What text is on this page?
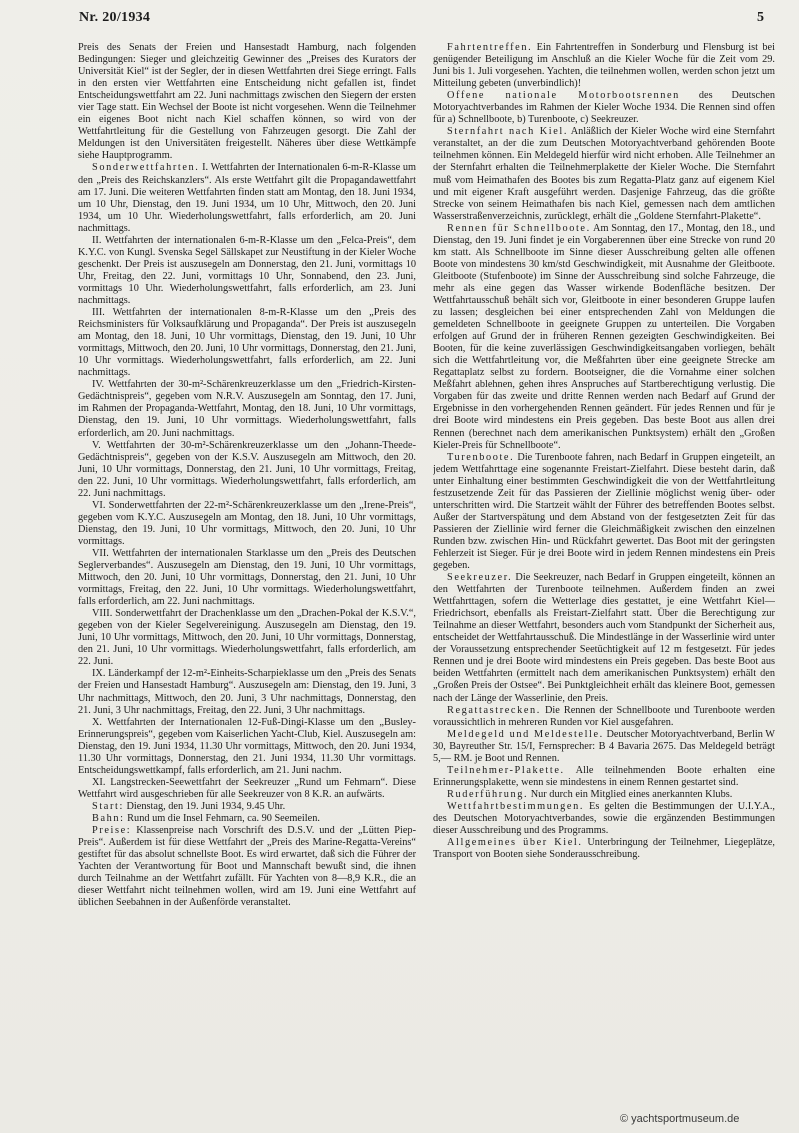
Nr. 20/1934	5

Preis des Senats der Freien und Hansestadt Hamburg, nach folgenden Bedingungen: Sieger und gleichzeitig Gewinner des „Preises des Kurators der Universität Kiel“ ist der Segler, der in diesen Wettfahrten drei Siege erringt. Falls in den ersten vier Wettfahrten eine Entscheidung nicht gefallen ist, findet Entscheidungswettfahrt am 22. Juni nachmittags zwischen den Siegern der ersten vier Tage statt. Ein Wechsel der Boote ist nicht vorgesehen. Wenn die Teilnehmer ein eigenes Boot nicht nach Kiel schaffen können, so wird von der Wettfahrtleitung für die Gestellung von Fahrzeugen gesorgt. Die Zahl der Meldungen ist den Universitäten freigestellt. Näheres über diese Wettkämpfe siehe Hauptprogramm.

Sonderwettfahrten. I. Wettfahrten der Internationalen 6-m-R-Klasse um den „Preis des Reichskanzlers“. Als erste Wettfahrt gilt die Propagandawettfahrt am 17. Juni. Die weiteren Wettfahrten finden statt am Montag, den 18. Juni 1934, um 10 Uhr, Dienstag, den 19. Juni 1934, um 10 Uhr, Mittwoch, den 20. Juni 1934, um 10 Uhr. Wiederholungswettfahrt, falls erforderlich, am 20. Juni nachmittags.

II. Wettfahrten der internationalen 6-m-R-Klasse um den „Felca-Preis“, dem K.Y.C. von Kungl. Svenska Segel Sällskapet zur Neustiftung in der Kieler Woche geschenkt. Der Preis ist auszusegeln am Donnerstag, den 21. Juni, vormittags 10 Uhr, Freitag, den 22. Juni, vormittags 10 Uhr, Sonnabend, den 23. Juni, vormittags 10 Uhr. Wiederholungswettfahrt, falls erforderlich, am 23. Juni nachmittags.

III. Wettfahrten der internationalen 8-m-R-Klasse um den „Preis des Reichsministers für Volksaufklärung und Propaganda“. Der Preis ist auszusegeln am Montag, den 18. Juni, 10 Uhr vormittags, Dienstag, den 19. Juni, 10 Uhr vormittags, Mittwoch, den 20. Juni, 10 Uhr vormittags, Donnerstag, den 21. Juni, 10 Uhr vormittags. Wiederholungswettfahrt, falls erforderlich, am 22. Juni nachmittags.

IV. Wettfahrten der 30-m²-Schärenkreuzerklasse um den „Friedrich-Kirsten-Gedächtnispreis“, gegeben vom N.R.V. Auszusegeln am Sonntag, den 17. Juni, im Rahmen der Propaganda-Wettfahrt, Montag, den 18. Juni, 10 Uhr vormittags, Dienstag, den 19. Juni, 10 Uhr vormittags. Wiederholungswettfahrt, falls erforderlich, am 20. Juni nachmittags.

V. Wettfahrten der 30-m²-Schärenkreuzerklasse um den „Johann-Theede-Gedächtnispreis“, gegeben von der K.S.V. Auszusegeln am Mittwoch, den 20. Juni, 10 Uhr vormittags, Donnerstag, den 21. Juni, 10 Uhr vormittags, Freitag, den 22. Juni, 10 Uhr vormittags. Wiederholungswettfahrt, falls erforderlich, am 22. Juni nachmittags.

VI. Sonderwettfahrten der 22-m²-Schärenkreuzerklasse um den „Irene-Preis“, gegeben vom K.Y.C. Auszusegeln am Montag, den 18. Juni, 10 Uhr vormittags, Dienstag, den 19. Juni, 10 Uhr vormittags, Mittwoch, den 20. Juni, 10 Uhr vormittags.

VII. Wettfahrten der internationalen Starklasse um den „Preis des Deutschen Seglerverbandes“. Auszusegeln am Dienstag, den 19. Juni, 10 Uhr vormittags, Mittwoch, den 20. Juni, 10 Uhr vormittags, Donnerstag, den 21. Juni, 10 Uhr vormittags, Freitag, den 22. Juni, 10 Uhr vormittags. Wiederholungswettfahrt, falls erforderlich, am 22. Juni nachmittags.

VIII. Sonderwettfahrt der Drachenklasse um den „Drachen-Pokal der K.S.V.“, gegeben von der Kieler Segelvereinigung. Auszusegeln am Dienstag, den 19. Juni, 10 Uhr vormittags, Mittwoch, den 20. Juni, 10 Uhr vormittags, Donnerstag, den 21. Juni, 10 Uhr vormittags. Wiederholungswettfahrt, falls erforderlich, am 22. Juni.

IX. Länderkampf der 12-m²-Einheits-Scharpieklasse um den „Preis des Senats der Freien und Hansestadt Hamburg“. Auszusegeln am: Dienstag, den 19. Juni, 3 Uhr nachmittags, Mittwoch, den 20. Juni, 3 Uhr nachmittags, Donnerstag, den 21. Juni, 3 Uhr nachmittags, Freitag, den 22. Juni, 3 Uhr nachmittags.

X. Wettfahrten der Internationalen 12-Fuß-Dingi-Klasse um den „Busley-Erinnerungspreis“, gegeben vom Kaiserlichen Yacht-Club, Kiel. Auszusegeln am: Dienstag, den 19. Juni 1934, 11.30 Uhr vormittags, Mittwoch, den 20. Juni 1934, 11.30 Uhr vormittags, Donnerstag, den 21. Juni 1934, 11.30 Uhr vormittags. Entscheidungswettkampf, falls erforderlich, am 21. Juni nachm.

XI. Langstrecken-Seewettfahrt der Seekreuzer „Rund um Fehmarn“. Diese Wettfahrt wird ausgeschrieben für alle Seekreuzer von 8 K.R. an aufwärts.

Start: Dienstag, den 19. Juni 1934, 9.45 Uhr.

Bahn: Rund um die Insel Fehmarn, ca. 90 Seemeilen.

Preise: Klassenpreise nach Vorschrift des D.S.V. und der „Lütten Piep-Preis“. Außerdem ist für diese Wettfahrt der „Preis des Marine-Regatta-Vereins“ gestiftet für das absolut schnellste Boot. Es wird erwartet, daß sich die Führer der Yachten der Verantwortung für Boot und Mannschaft bewußt sind, die ihnen durch Teilnahme an der Wettfahrt zufällt. Für Yachten von 8—8,9 K.R., die an dieser Wettfahrt nicht teilnehmen wollen, wird am 19. Juni eine Wettfahrt auf üblichen Seebahnen in der Außenförde veranstaltet.

Fahrtentreffen. Ein Fahrtentreffen in Sonderburg und Flensburg ist bei genügender Beteiligung im Anschluß an die Kieler Woche für die Zeit vom 29. Juni bis 1. Juli vorgesehen. Yachten, die teilnehmen wollen, werden schon jetzt um Mitteilung gebeten (unverbindlich)!

Offene nationale Motorbootsrennen des Deutschen Motoryachtverbandes im Rahmen der Kieler Woche 1934. Die Rennen sind offen für a) Schnellboote, b) Turenboote, c) Seekreuzer.

Sternfahrt nach Kiel. Anläßlich der Kieler Woche wird eine Sternfahrt veranstaltet, an der die zum Deutschen Motoryachtverband gehörenden Boote teilnehmen können. Ein Meldegeld hierfür wird nicht erhoben. Alle Teilnehmer an der Sternfahrt erhalten die Teilnehmerplakette der Kieler Woche. Die Sternfahrt muß vom Heimathafen des Bootes bis zum Regatta-Platz ganz auf eigenem Kiel und mit eigener Kraft ausgeführt werden. Dasjenige Fahrzeug, das die größte Strecke von seinem Heimathafen bis nach Kiel, gemessen nach dem amtlichen Wasserstraßenverzeichnis, zurücklegt, erhält die „Goldene Sternfahrt-Plakette“.

Rennen für Schnellboote. Am Sonntag, den 17., Montag, den 18., und Dienstag, den 19. Juni findet je ein Vorgaberennen über eine Strecke von rund 20 km statt. Als Schnellboote im Sinne dieser Ausschreibung gelten alle offenen Boote von mindestens 30 km/std Geschwindigkeit, mit Ausnahme der Gleitboote. Gleitboote (Stufenboote) im Sinne der Ausschreibung sind solche Fahrzeuge, die mehr als eine gegen das Wasser wirkende Bodenfläche besitzen. Der Wettfahrtausschuß behält sich vor, Gleitboote in einer besonderen Gruppe laufen zu lassen; desgleichen bei einer entsprechenden Zahl von Meldungen die gemeldeten Schnellboote in geeignete Gruppen zu unterteilen. Die Vorgaben erfolgen auf Grund der in früheren Rennen gezeigten Geschwindigkeiten. Bei Booten, für die keine zuverlässigen Geschwindigkeitsangaben vorliegen, behält sich die Wettfahrtleitung vor, die Meßfahrten über eine geeignete Strecke am Regattaplatz selbst zu fordern. Bootseigner, die die Vornahme einer solchen Meßfahrt ablehnen, gehen ihres Anspruches auf Startberechtigung verlustig. Die Vorgaben für das zweite und dritte Rennen werden nach Bedarf auf Grund der Ergebnisse in den vorhergehenden Rennen geändert. Für jedes Rennen und für je drei Boote wird mindestens ein Preis gegeben. Das beste Boot aus allen drei Rennen (berechnet nach dem amerikanischen Punktsystem) erhält den „Großen Kieler-Preis für Schnellboote“.

Turenboote. Die Turenboote fahren, nach Bedarf in Gruppen eingeteilt, an jedem Wettfahrttage eine sogenannte Freistart-Zielfahrt. Diese besteht darin, daß unter Einhaltung einer bestimmten Geschwindigkeit die von der Wettfahrtleitung festzusetzende Zeit für das Passieren der Ziellinie möglichst wenig über- oder unterschritten wird. Die Startzeit wählt der Führer des betreffenden Bootes selbst. Außer der Startverspätung und dem Abstand von der festgesetzten Zeit für das Passieren der Ziellinie wird ferner die Gleichmäßigkeit zwischen den einzelnen Runden bzw. zwischen Hin- und Rückfahrt gewertet. Das Boot mit der geringsten Fehlerzeit ist Sieger. Für je drei Boote wird in jedem Rennen mindestens ein Preis gegeben.

Seekreuzer. Die Seekreuzer, nach Bedarf in Gruppen eingeteilt, können an den Wettfahrten der Turenboote teilnehmen. Außerdem finden an zwei Wettfahrttagen, sofern die Wetterlage dies gestattet, je eine Wettfahrt Kiel—Friedrichsort, ebenfalls als Freistart-Zielfahrt statt. Über die Berechtigung zur Teilnahme an dieser Wettfahrt, besonders auch vom Standpunkt der Sicherheit aus, entscheidet der Wettfahrtausschuß. Die Mindestlänge in der Wasserlinie wird unter der Voraussetzung entsprechender Seetüchtigkeit auf 12 m festgesetzt. Für jedes Rennen und je drei Boote wird mindestens ein Preis gegeben. Das beste Boot aus beiden Wettfahrten (ermittelt nach dem amerikanischen Punktsystem) erhält den „Großen Preis der Ostsee“. Bei Punktgleichheit erhält das kleinere Boot, gemessen nach der Länge der Wasserlinie, den Preis.

Regattastrecken. Die Rennen der Schnellboote und Turenboote werden voraussichtlich in mehreren Runden vor Kiel ausgefahren.

Meldegeld und Meldestelle. Deutscher Motoryachtverband, Berlin W 30, Bayreuther Str. 15/I, Fernsprecher: B 4 Bavaria 2675. Das Meldegeld beträgt 5,— RM. je Boot und Rennen.

Teilnehmer-Plakette. Alle teilnehmenden Boote erhalten eine Erinnerungsplakette, wenn sie mindestens in einem Rennen gestartet sind.

Ruderführung. Nur durch ein Mitglied eines anerkannten Klubs.

Wettfahrtbestimmungen. Es gelten die Bestimmungen der U.I.Y.A., des Deutschen Motoryachtverbandes, sowie die ergänzenden Bestimmungen dieser Ausschreibung und des Programms.

Allgemeines über Kiel. Unterbringung der Teilnehmer, Liegeplätze, Transport von Booten siehe Sonderausschreibung.

© yachtsportmuseum.de
